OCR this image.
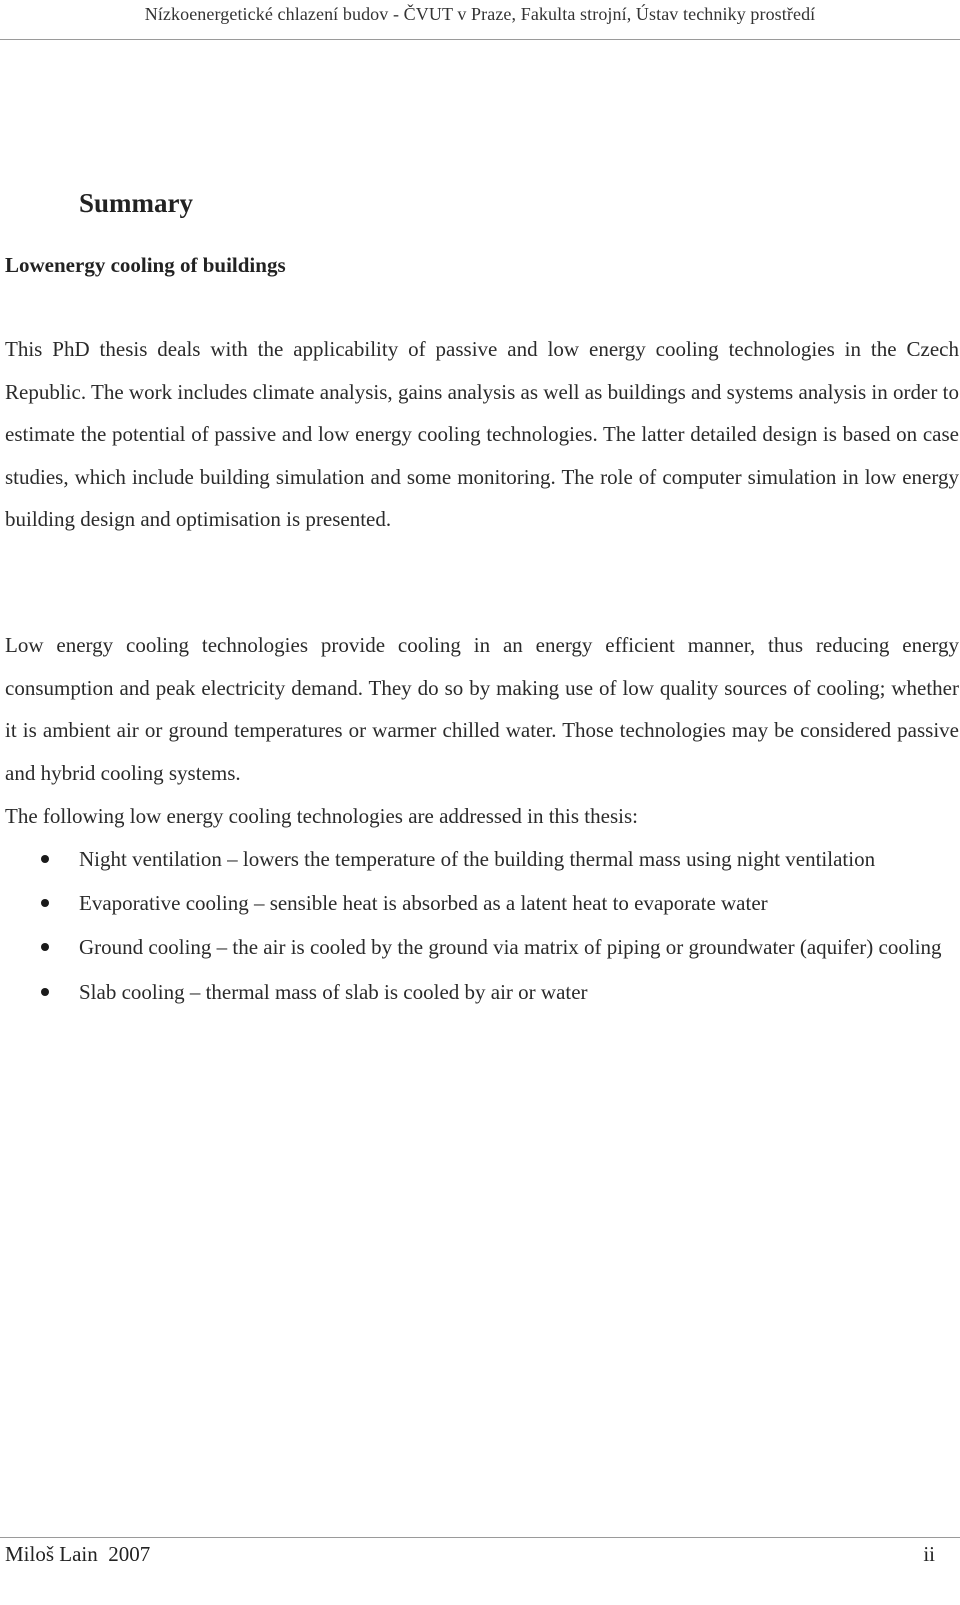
Nízkoenergetické chlazení budov - ČVUT v Praze, Fakulta strojní, Ústav techniky prostředí
Summary
Lowenergy cooling of buildings

This PhD thesis deals with the applicability of passive and low energy cooling technologies in the Czech Republic. The work includes climate analysis, gains analysis as well as buildings and systems analysis in order to estimate the potential of passive and low energy cooling technologies. The latter detailed design is based on case studies, which include building simulation and some monitoring. The role of computer simulation in low energy building design and optimisation is presented.

Low energy cooling technologies provide cooling in an energy efficient manner, thus reducing energy consumption and peak electricity demand. They do so by making use of low quality sources of cooling; whether it is ambient air or ground temperatures or warmer chilled water. Those technologies may be considered passive and hybrid cooling systems.

The following low energy cooling technologies are addressed in this thesis:

Night ventilation – lowers the temperature of the building thermal mass using night ventilation
Evaporative cooling – sensible heat is absorbed as a latent heat to evaporate water
Ground cooling – the air is cooled by the ground via matrix of piping or groundwater (aquifer) cooling
Slab cooling – thermal mass of slab is cooled by air or water
Miloš Lain  2007	ii
